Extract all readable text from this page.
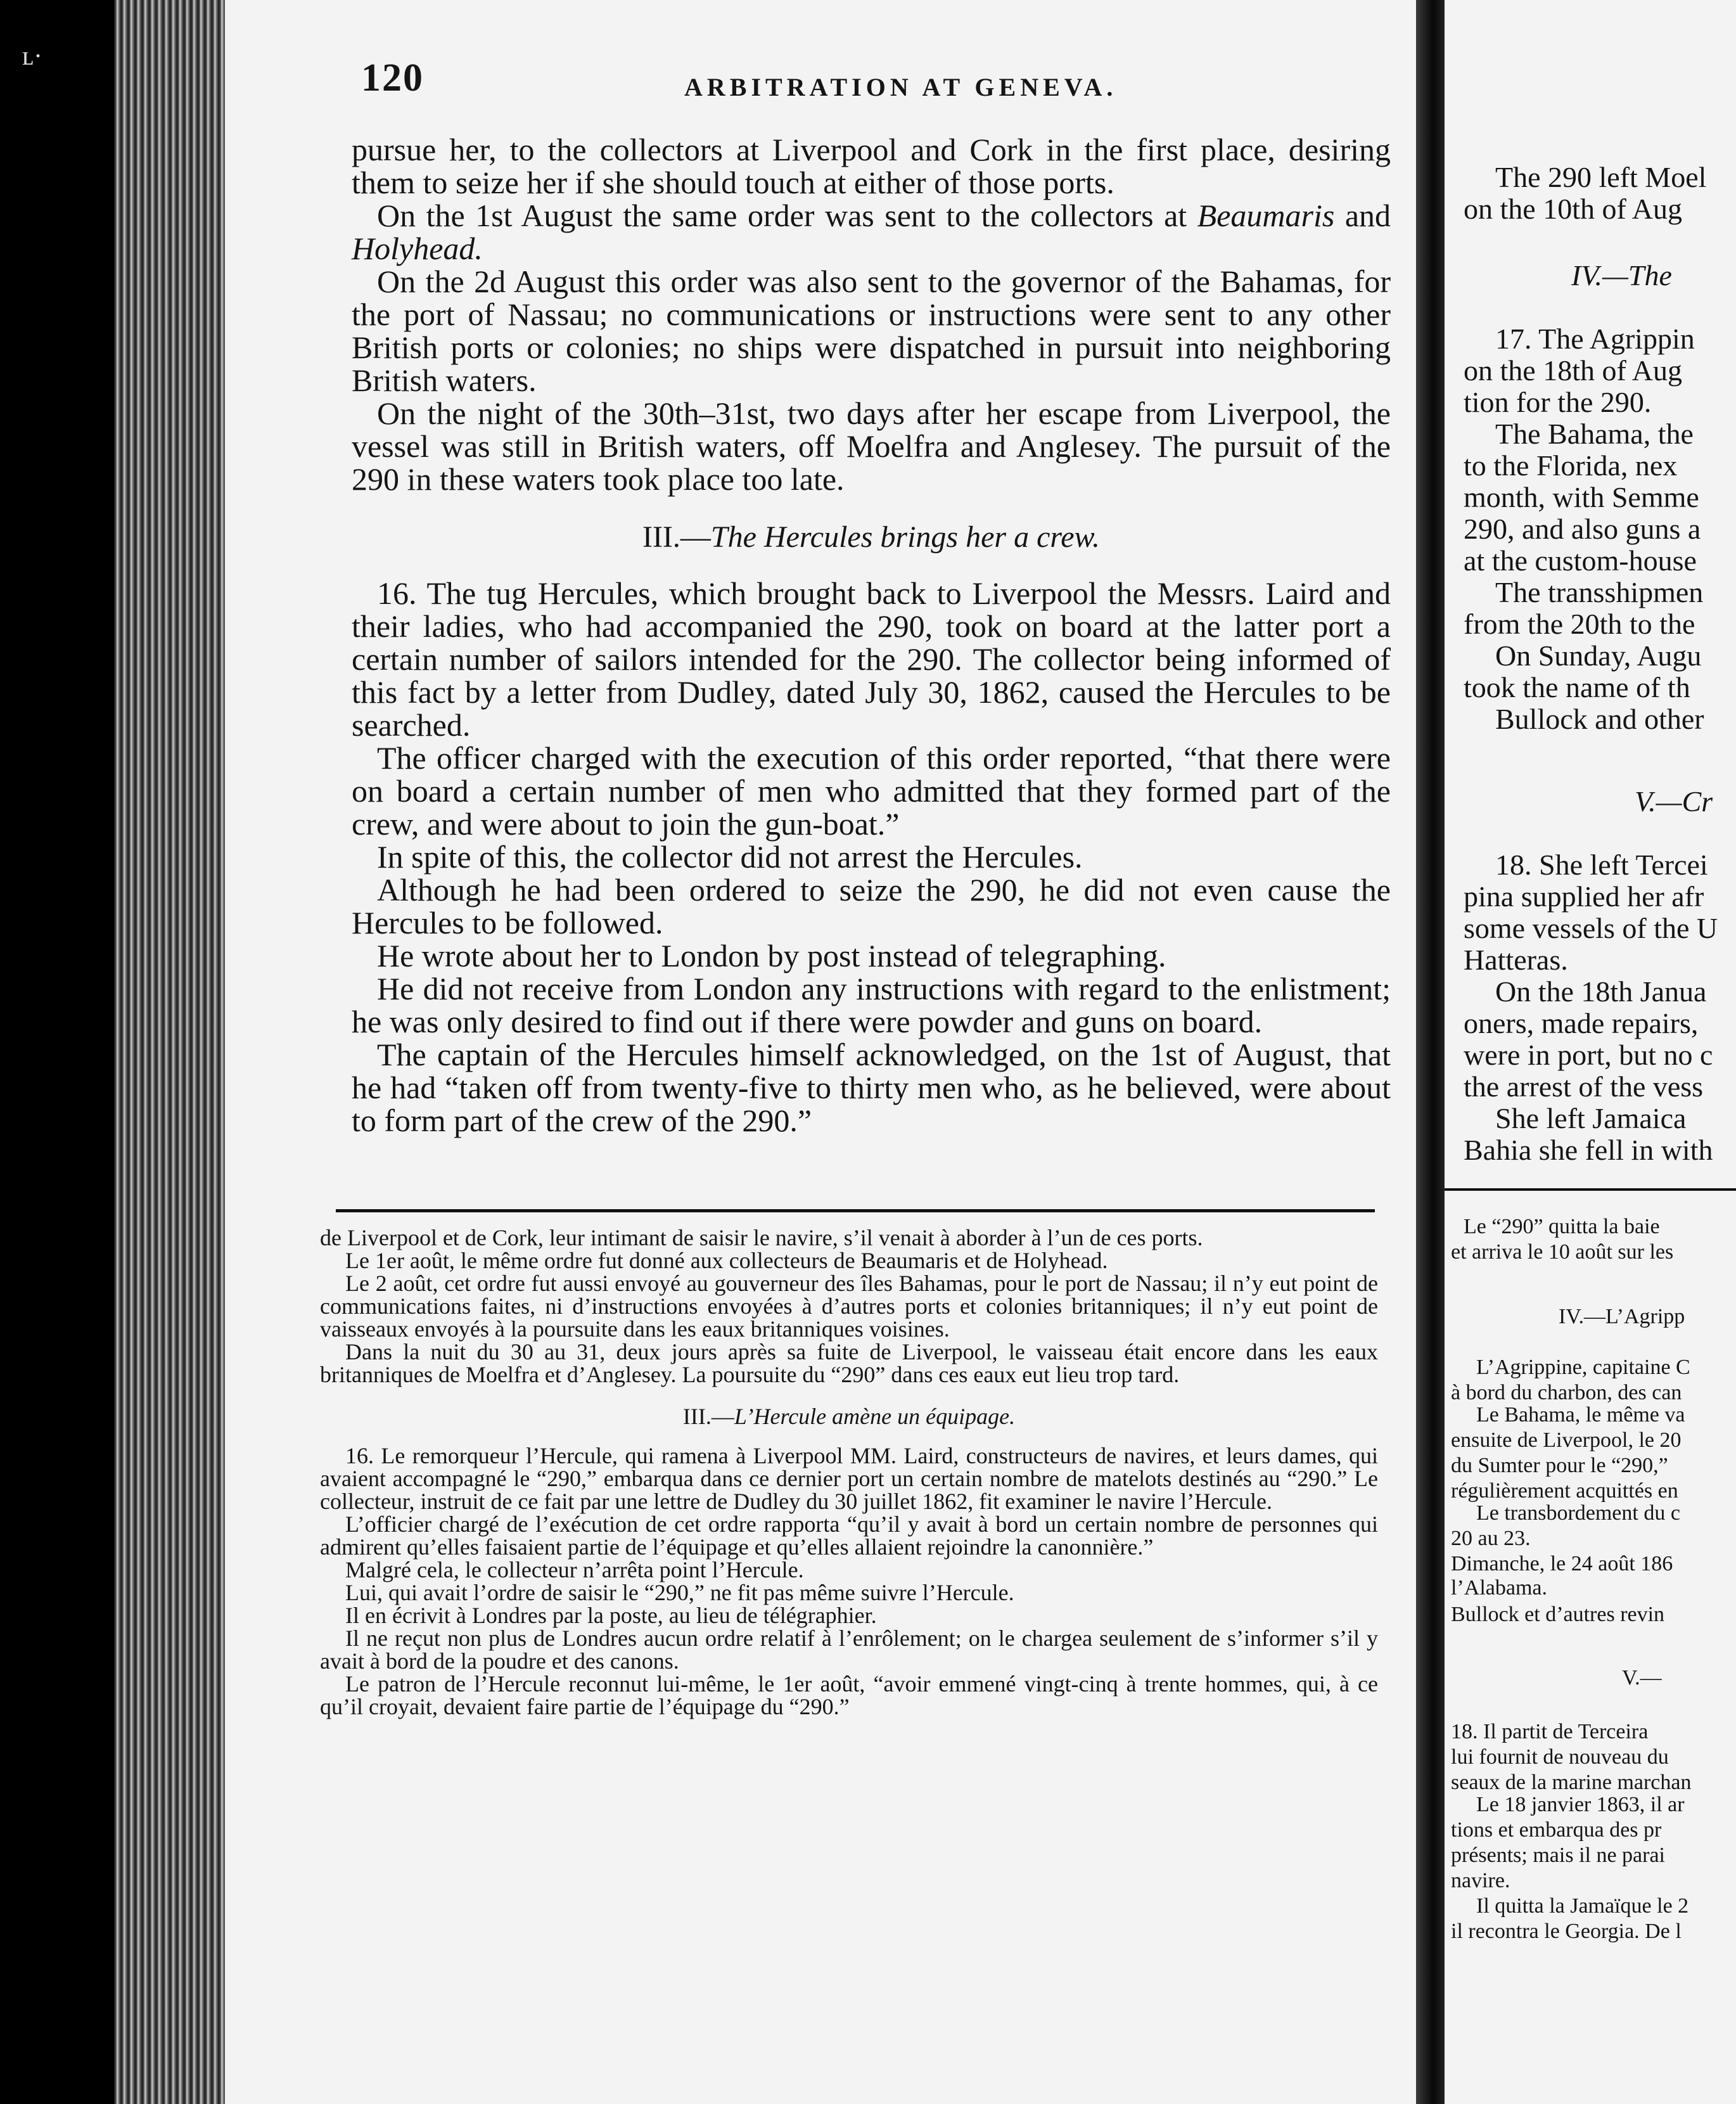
ʟ·	120	ARBITRATION AT GENEVA.

pursue her, to the collectors at Liverpool and Cork in the first place, desiring them to seize her if she should touch at either of those ports.

On the 1st August the same order was sent to the collectors at Beaumaris and Holyhead.

On the 2d August this order was also sent to the governor of the Bahamas, for the port of Nassau; no communications or instructions were sent to any other British ports or colonies; no ships were dispatched in pursuit into neighboring British waters.

On the night of the 30th–31st, two days after her escape from Liverpool, the vessel was still in British waters, off Moelfra and Anglesey. The pursuit of the 290 in these waters took place too late.

III.—The Hercules brings her a crew.

16. The tug Hercules, which brought back to Liverpool the Messrs. Laird and their ladies, who had accompanied the 290, took on board at the latter port a certain number of sailors intended for the 290. The collector being informed of this fact by a letter from Dudley, dated July 30, 1862, caused the Hercules to be searched.

The officer charged with the execution of this order reported, “that there were on board a certain number of men who admitted that they formed part of the crew, and were about to join the gun-boat.”

In spite of this, the collector did not arrest the Hercules.

Although he had been ordered to seize the 290, he did not even cause the Hercules to be followed.

He wrote about her to London by post instead of telegraphing.

He did not receive from London any instructions with regard to the enlistment; he was only desired to find out if there were powder and guns on board.

The captain of the Hercules himself acknowledged, on the 1st of August, that he had “taken off from twenty-five to thirty men who, as he believed, were about to form part of the crew of the 290.”

de Liverpool et de Cork, leur intimant de saisir le navire, s’il venait à aborder à l’un de ces ports.

Le 1er août, le même ordre fut donné aux collecteurs de Beaumaris et de Holyhead.

Le 2 août, cet ordre fut aussi envoyé au gouverneur des îles Bahamas, pour le port de Nassau; il n’y eut point de communications faites, ni d’instructions envoyées à d’autres ports et colonies britanniques; il n’y eut point de vaisseaux envoyés à la poursuite dans les eaux britanniques voisines.

Dans la nuit du 30 au 31, deux jours après sa fuite de Liverpool, le vaisseau était encore dans les eaux britanniques de Moelfra et d’Anglesey. La poursuite du “290” dans ces eaux eut lieu trop tard.

III.—L’Hercule amène un équipage.

16. Le remorqueur l’Hercule, qui ramena à Liverpool MM. Laird, constructeurs de navires, et leurs dames, qui avaient accompagné le “290,” embarqua dans ce dernier port un certain nombre de matelots destinés au “290.” Le collecteur, instruit de ce fait par une lettre de Dudley du 30 juillet 1862, fit examiner le navire l’Hercule.

L’officier chargé de l’exécution de cet ordre rapporta “qu’il y avait à bord un certain nombre de personnes qui admirent qu’elles faisaient partie de l’équipage et qu’elles allaient rejoindre la canonnière.”

Malgré cela, le collecteur n’arrêta point l’Hercule.

Lui, qui avait l’ordre de saisir le “290,” ne fit pas même suivre l’Hercule.

Il en écrivit à Londres par la poste, au lieu de télégraphier.

Il ne reçut non plus de Londres aucun ordre relatif à l’enrôlement; on le chargea seulement de s’informer s’il y avait à bord de la poudre et des canons.

Le patron de l’Hercule reconnut lui-même, le 1er août, “avoir emmené vingt-cinq à trente hommes, qui, à ce qu’il croyait, devaient faire partie de l’équipage du “290.”

The 290 left Moel
on the 10th of Aug
IV.—The
17. The Agrippin
on the 18th of Aug
tion for the 290.
The Bahama, the
to the Florida, nex
month, with Semme
290, and also guns a
at the custom-house
The transshipmen
from the 20th to the
On Sunday, Augu
took the name of th
Bullock and other
V.—Cr
18. She left Tercei
pina supplied her afr
some vessels of the U
Hatteras.
On the 18th Janua
oners, made repairs,
were in port, but no c
the arrest of the vess
She left Jamaica
Bahia she fell in with
Le “290” quitta la baie
et arriva le 10 août sur les
IV.—L’Agripp
L’Agrippine, capitaine C
à bord du charbon, des can
Le Bahama, le même va
ensuite de Liverpool, le 20
du Sumter pour le “290,”
régulièrement acquittés en
Le transbordement du c
20 au 23.
Dimanche, le 24 août 186
l’Alabama.
Bullock et d’autres revin
V.—
18. Il partit de Terceira
lui fournit de nouveau du
seaux de la marine marchan
Le 18 janvier 1863, il ar
tions et embarqua des pr
présents; mais il ne parai
navire.
Il quitta la Jamaïque le 2
il recontra le Georgia. De l
